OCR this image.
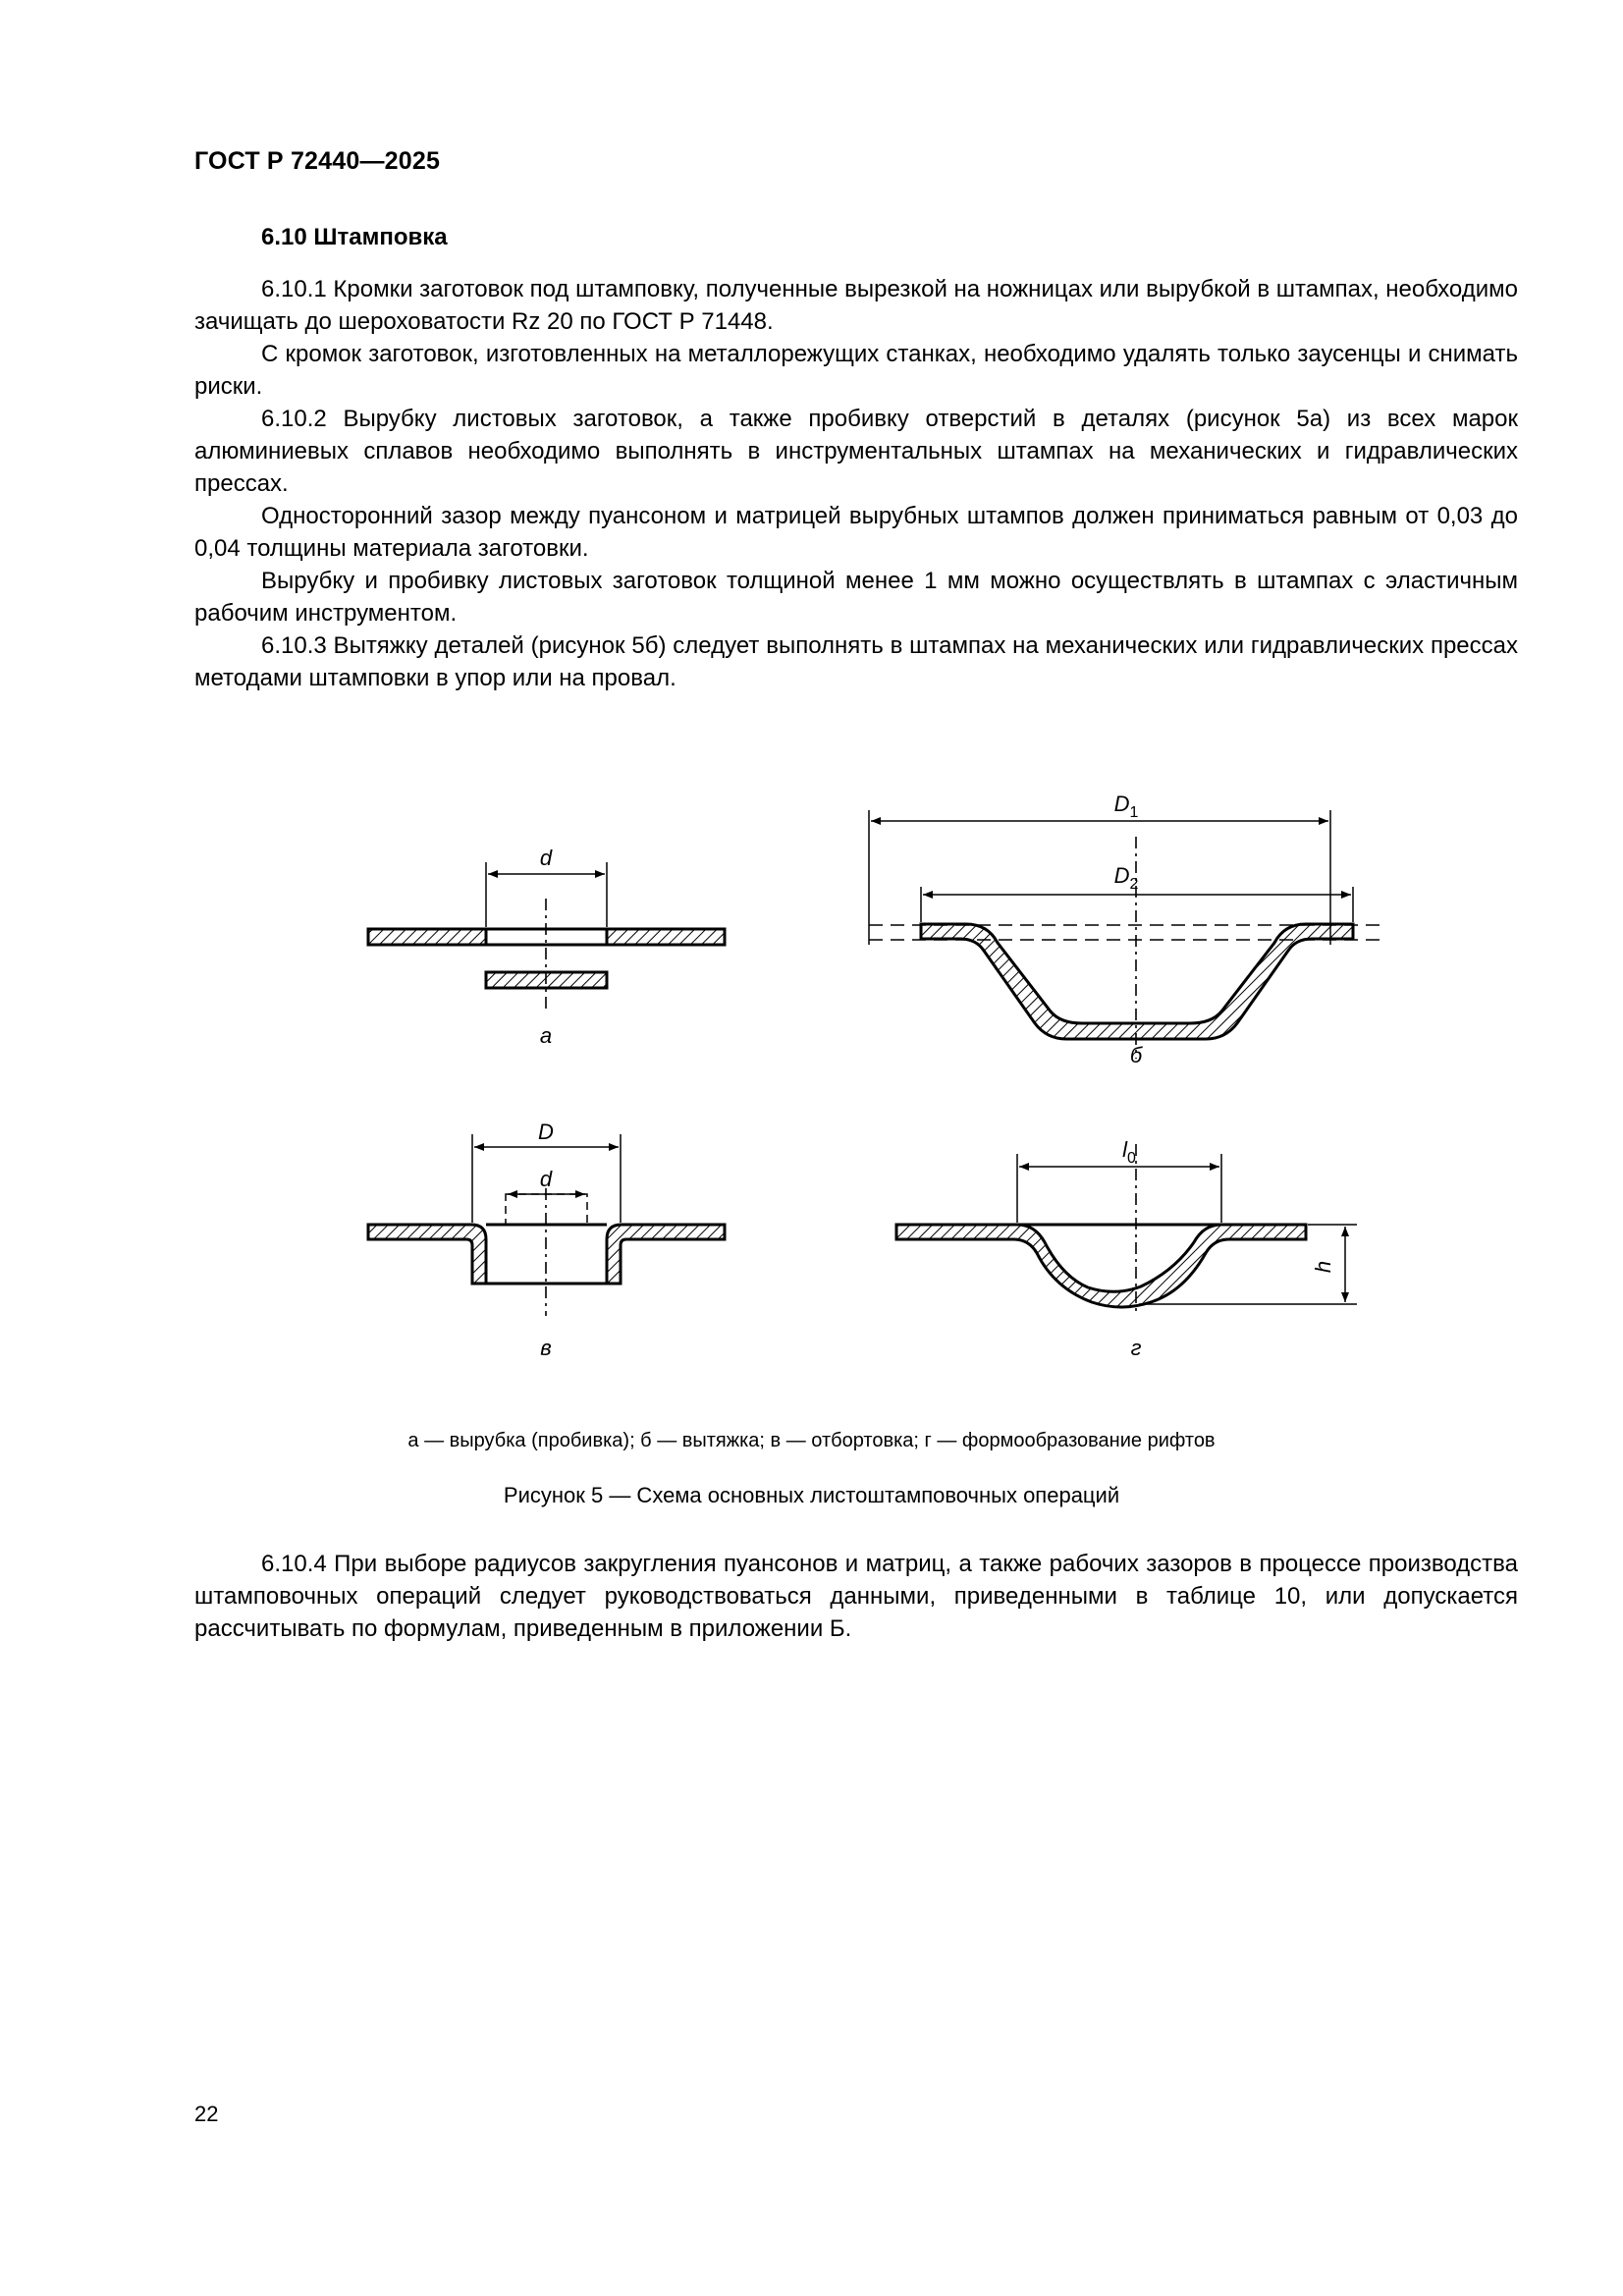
ГОСТ Р 72440—2025
6.10 Штамповка

6.10.1 Кромки заготовок под штамповку, полученные вырезкой на ножницах или вырубкой в штампах, необходимо зачищать до шероховатости Rz 20 по ГОСТ Р 71448.

С кромок заготовок, изготовленных на металлорежущих станках, необходимо удалять только заусенцы и снимать риски.

6.10.2 Вырубку листовых заготовок, а также пробивку отверстий в деталях (рисунок 5а) из всех марок алюминиевых сплавов необходимо выполнять в инструментальных штампах на механических и гидравлических прессах.

Односторонний зазор между пуансоном и матрицей вырубных штампов должен приниматься равным от 0,03 до 0,04 толщины материала заготовки.

Вырубку и пробивку листовых заготовок толщиной менее 1 мм можно осуществлять в штампах с эластичным рабочим инструментом.

6.10.3 Вытяжку деталей (рисунок 5б) следует выполнять в штампах на механических или гидравлических прессах методами штамповки в упор или на провал.

d
а
$D_1$
$D_2$
б
D
d
в
$l_0$
h
г
а — вырубка (пробивка); б — вытяжка; в — отбортовка; г — формообразование рифтов
Рисунок 5 — Схема основных листоштамповочных операций

6.10.4 При выборе радиусов закругления пуансонов и матриц, а также рабочих зазоров в процессе производства штамповочных операций следует руководствоваться данными, приведенными в таблице 10, или допускается рассчитывать по формулам, приведенным в приложении Б.

22
